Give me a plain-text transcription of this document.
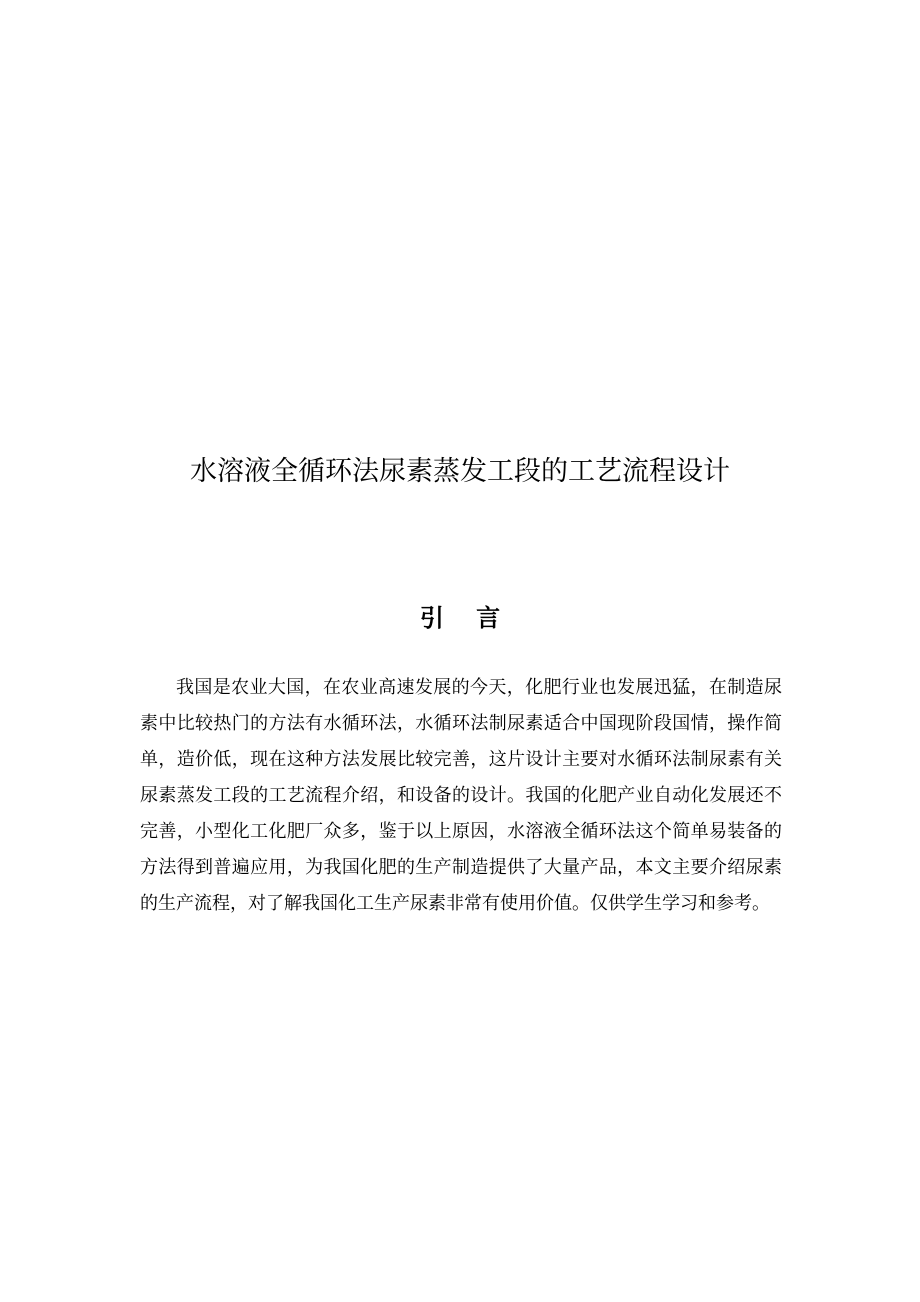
水溶液全循环法尿素蒸发工段的工艺流程设计
引 言

我国是农业大国，在农业高速发展的今天，化肥行业也发展迅猛，在制造尿素中比较热门的方法有水循环法，水循环法制尿素适合中国现阶段国情，操作简单，造价低，现在这种方法发展比较完善，这片设计主要对水循环法制尿素有关尿素蒸发工段的工艺流程介绍，和设备的设计。我国的化肥产业自动化发展还不完善，小型化工化肥厂众多，鉴于以上原因，水溶液全循环法这个简单易装备的方法得到普遍应用，为我国化肥的生产制造提供了大量产品，本文主要介绍尿素的生产流程，对了解我国化工生产尿素非常有使用价值。仅供学生学习和参考。
